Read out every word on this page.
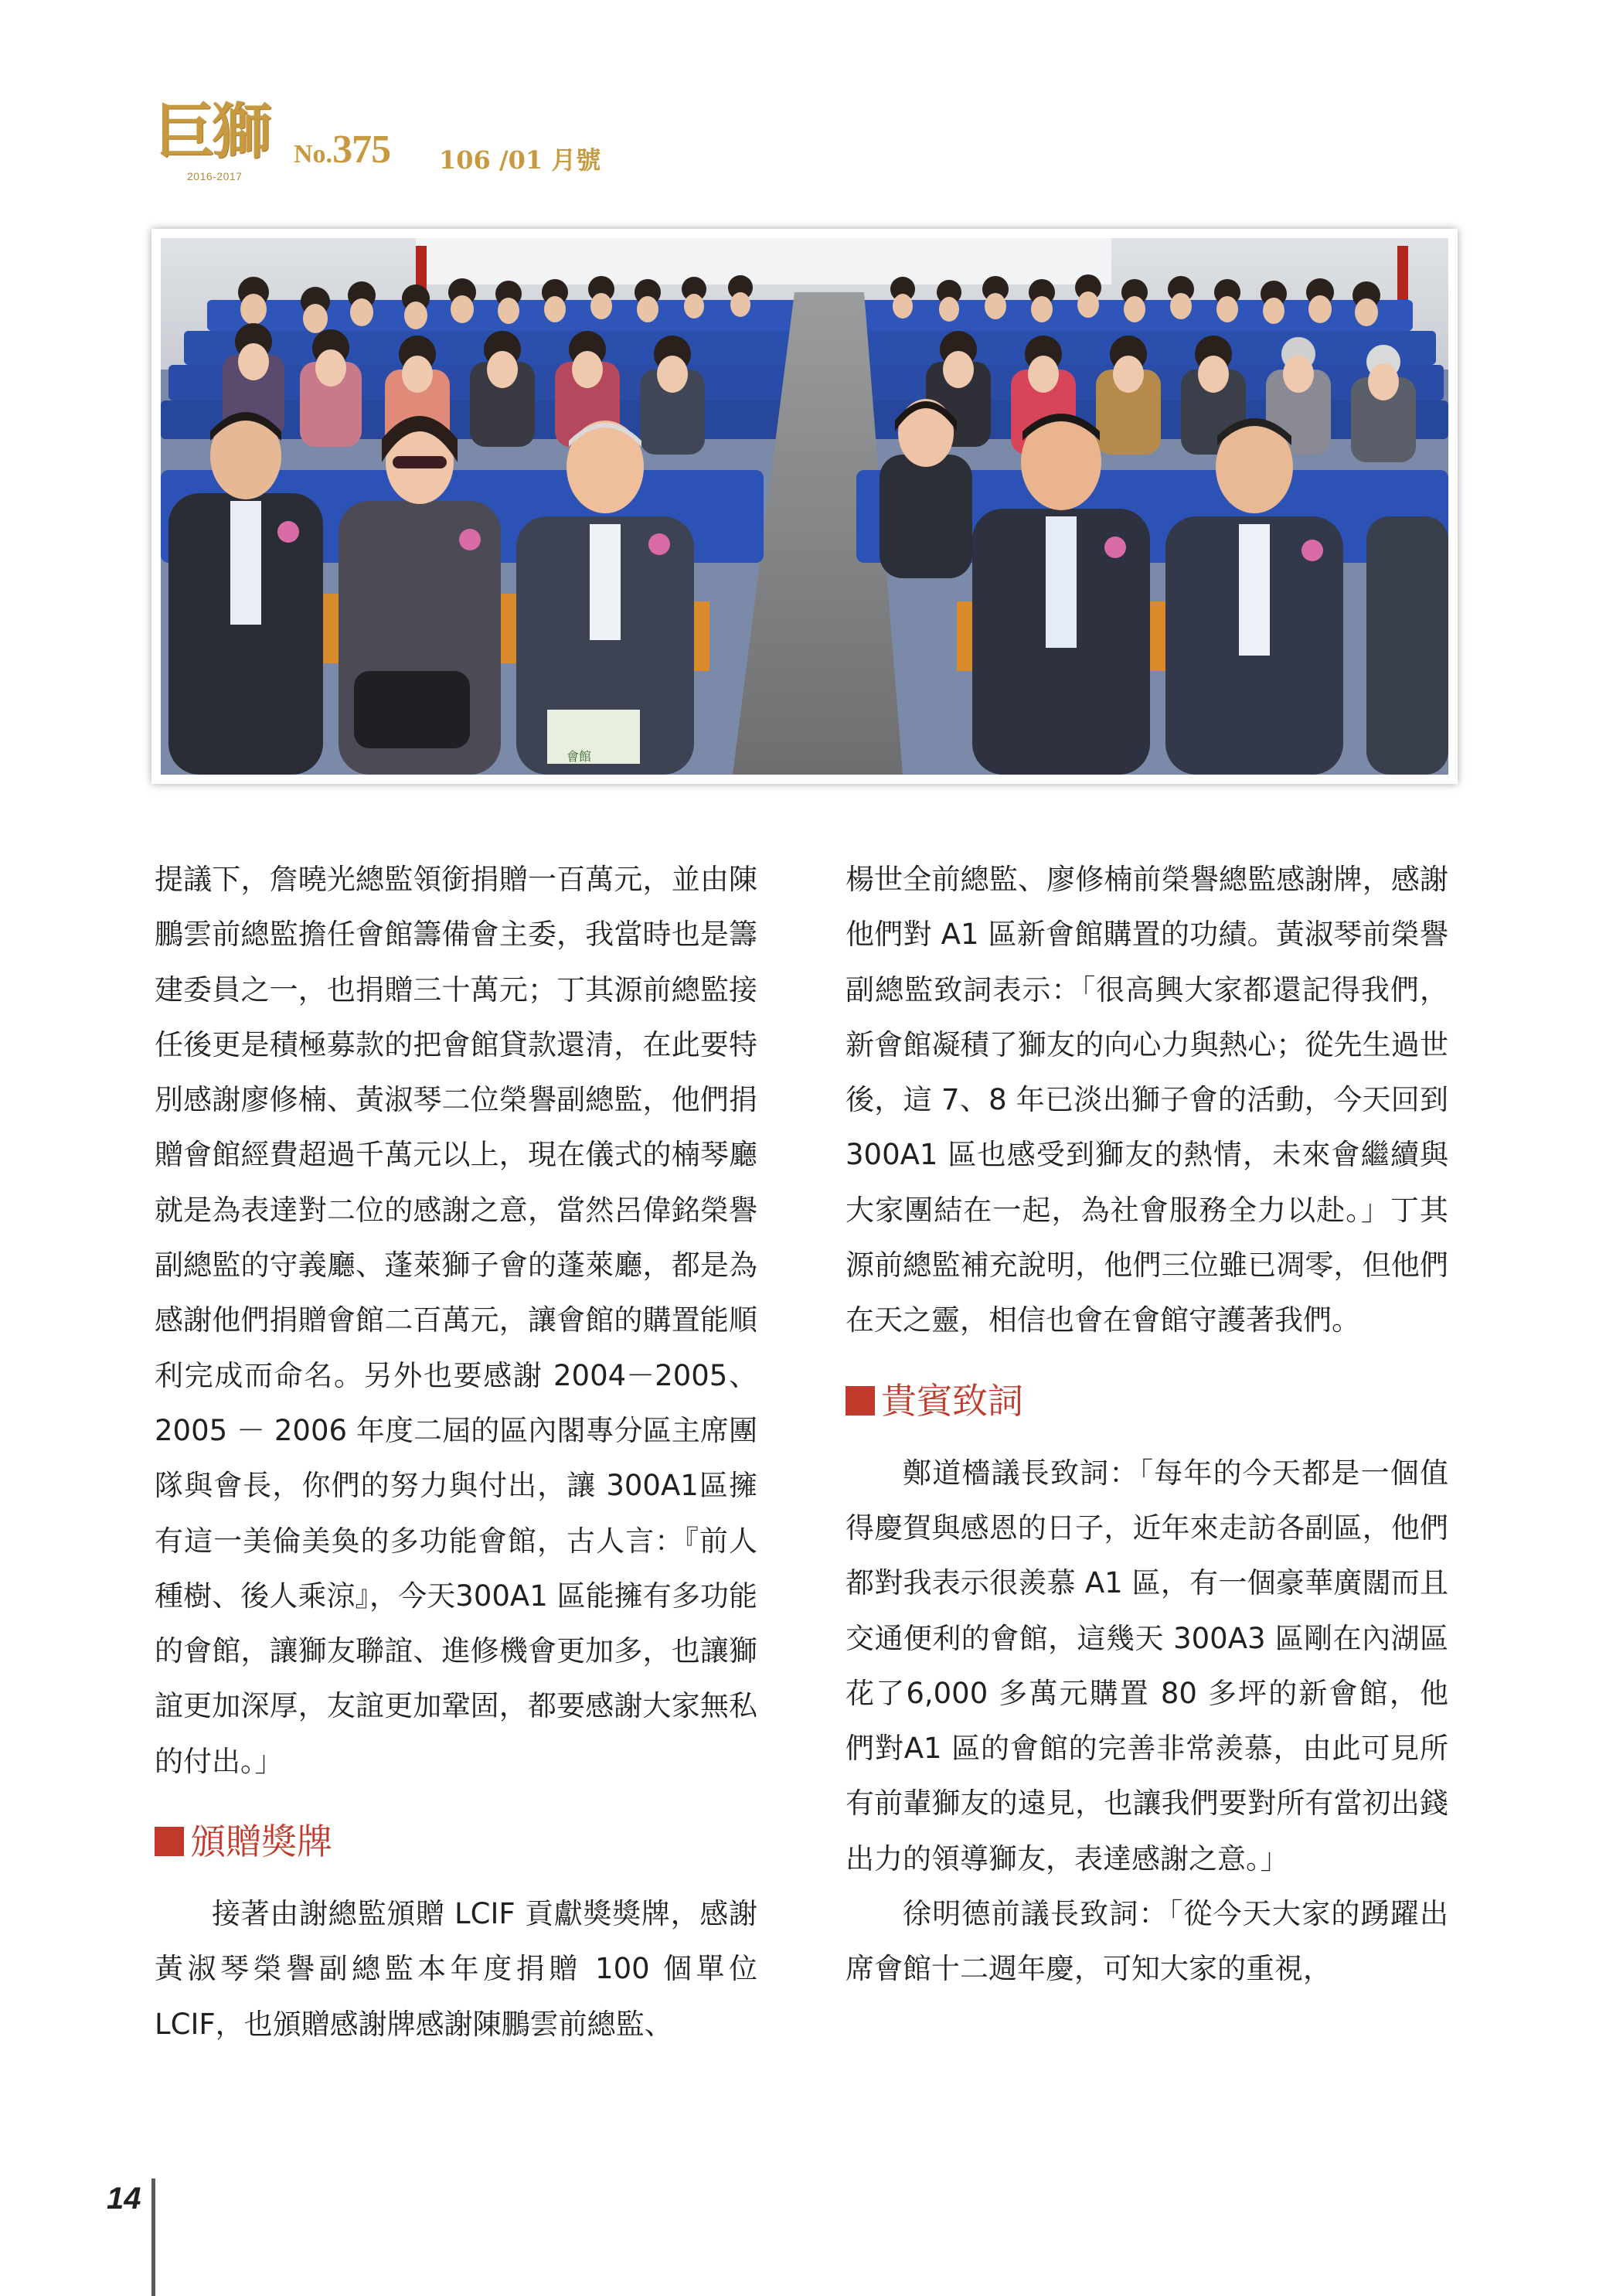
巨獅
2016-2017
No.375 106 /01 月號
會館

提議下，詹曉光總監領銜捐贈一百萬元，並由陳鵬雲前總監擔任會館籌備會主委，我當時也是籌建委員之一，也捐贈三十萬元；丁其源前總監接任後更是積極募款的把會館貸款還清，在此要特別感謝廖修楠、黃淑琴二位榮譽副總監，他們捐贈會館經費超過千萬元以上，現在儀式的楠琴廳就是為表達對二位的感謝之意，當然呂偉銘榮譽副總監的守義廳、蓬萊獅子會的蓬萊廳，都是為感謝他們捐贈會館二百萬元，讓會館的購置能順利完成而命名。另外也要感謝 2004－2005、2005 － 2006 年度二屆的區內閣專分區主席團隊與會長，你們的努力與付出，讓 300A1區擁有這一美倫美奐的多功能會館，古人言：『前人種樹、後人乘涼』，今天300A1 區能擁有多功能的會館，讓獅友聯誼、進修機會更加多，也讓獅誼更加深厚，友誼更加鞏固，都要感謝大家無私的付出。」

頒贈獎牌

接著由謝總監頒贈 LCIF 貢獻獎獎牌，感謝黃淑琴榮譽副總監本年度捐贈 100 個單位 LCIF，也頒贈感謝牌感謝陳鵬雲前總監、

楊世全前總監、廖修楠前榮譽總監感謝牌，感謝他們對 A1 區新會館購置的功績。黃淑琴前榮譽副總監致詞表示：「很高興大家都還記得我們，新會館凝積了獅友的向心力與熱心；從先生過世後，這 7、8 年已淡出獅子會的活動，今天回到 300A1 區也感受到獅友的熱情，未來會繼續與大家團結在一起，為社會服務全力以赴。」丁其源前總監補充說明，他們三位雖已凋零，但他們在天之靈，相信也會在會館守護著我們。

貴賓致詞

鄭道檣議長致詞：「每年的今天都是一個值得慶賀與感恩的日子，近年來走訪各副區，他們都對我表示很羨慕 A1 區，有一個豪華廣闊而且交通便利的會館，這幾天 300A3 區剛在內湖區花了6,000 多萬元購置 80 多坪的新會館，他們對A1 區的會館的完善非常羨慕，由此可見所有前輩獅友的遠見，也讓我們要對所有當初出錢出力的領導獅友，表達感謝之意。」

徐明德前議長致詞：「從今天大家的踴躍出席會館十二週年慶，可知大家的重視，

14
